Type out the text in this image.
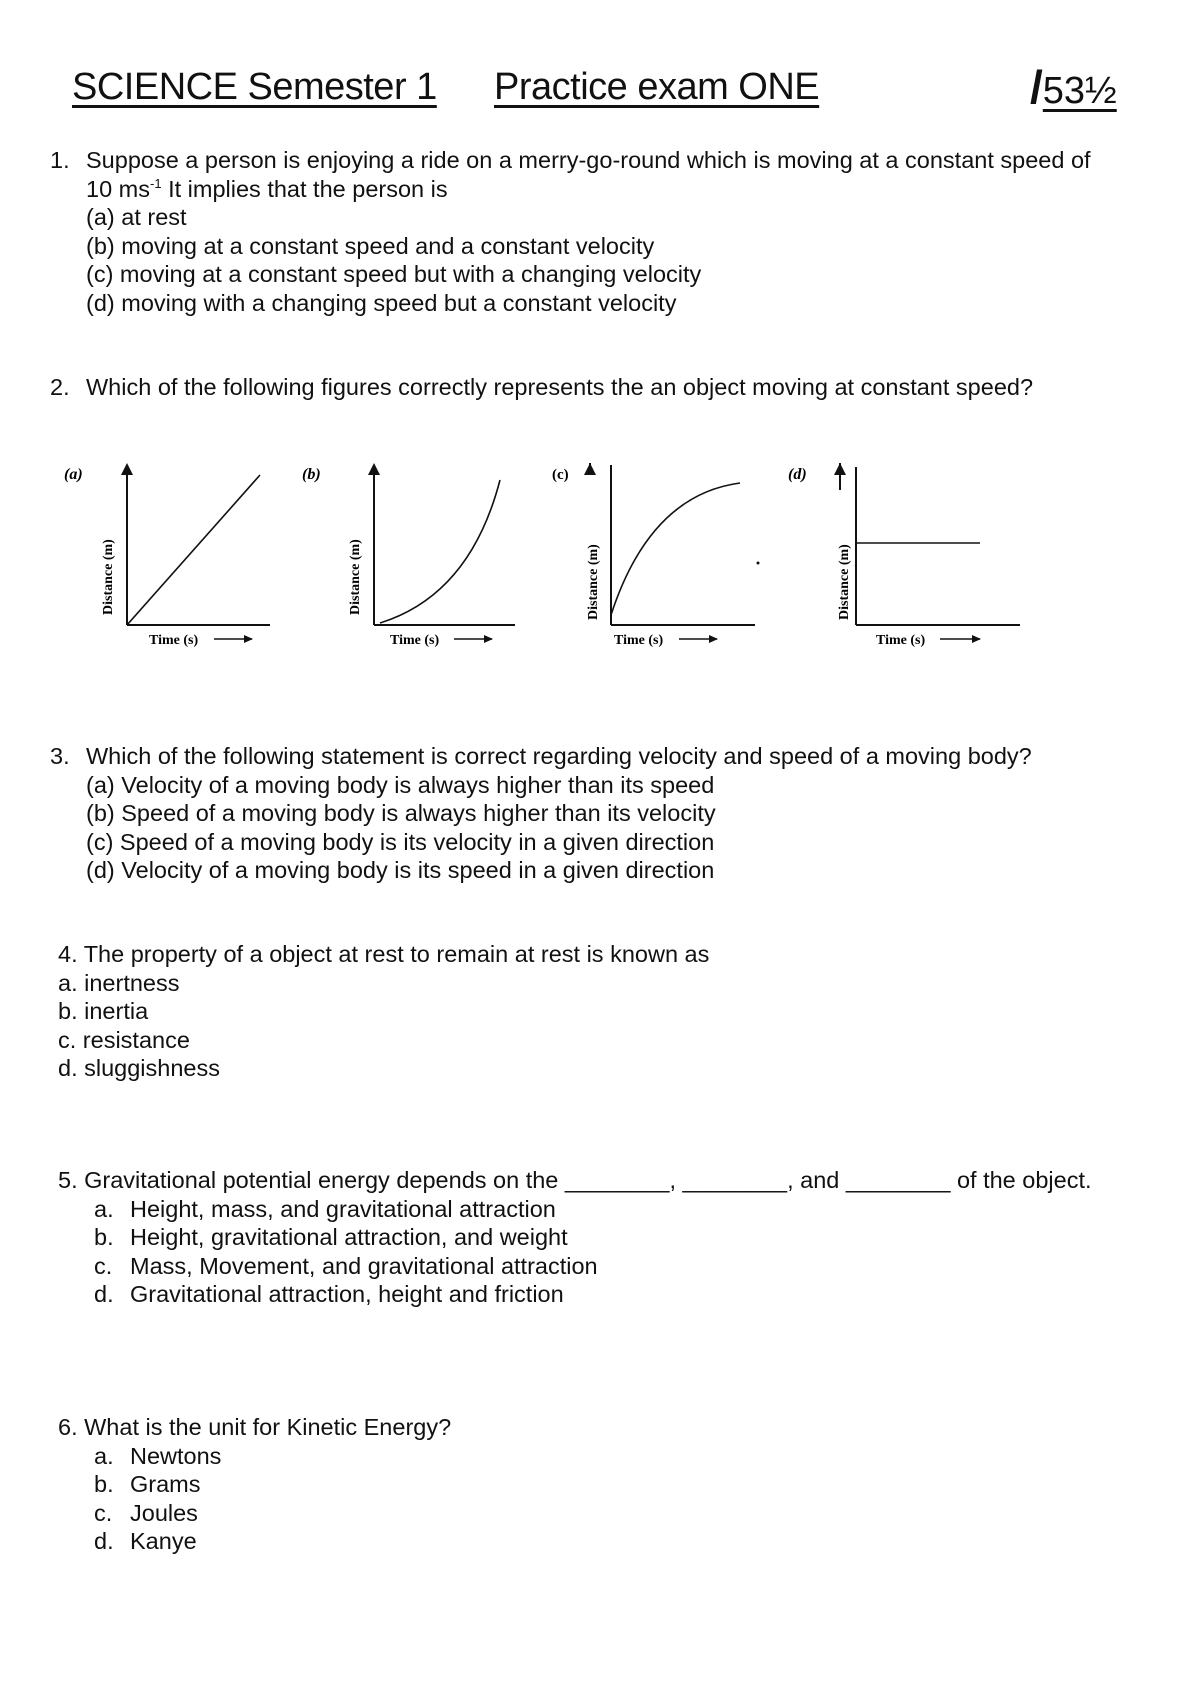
SCIENCE Semester 1 Practice exam ONE	/53½
1. Suppose a person is enjoying a ride on a merry-go-round which is moving at a constant speed of
10 $ms^{-1}$ It implies that the person is
(a) at rest
(b) moving at a constant speed and a constant velocity
(c) moving at a constant speed but with a changing velocity
(d) moving with a changing speed but a constant velocity
2. Which of the following figures correctly represents the an object moving at constant speed?
(a)
Distance (m)
Time (s)
(b)
Distance (m)
Time (s)
(c)
Distance (m)
Time (s)
(d)
Distance (m)
Time (s)
3. Which of the following statement is correct regarding velocity and speed of a moving body?
(a) Velocity of a moving body is always higher than its speed
(b) Speed of a moving body is always higher than its velocity
(c) Speed of a moving body is its velocity in a given direction
(d) Velocity of a moving body is its speed in a given direction
4. The property of a object at rest to remain at rest is known as
a. inertness
b. inertia
c. resistance
d. sluggishness
5. Gravitational potential energy depends on the ________, ________, and ________ of the object.
a. Height, mass, and gravitational attraction
b. Height, gravitational attraction, and weight
c. Mass, Movement, and gravitational attraction
d. Gravitational attraction, height and friction
6. What is the unit for Kinetic Energy?
a. Newtons
b. Grams
c. Joules
d. Kanye
